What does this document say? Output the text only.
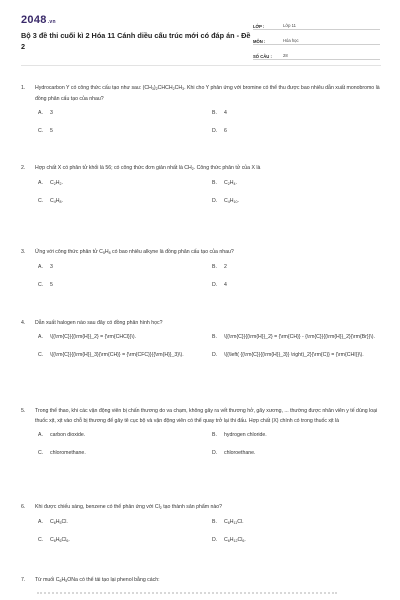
2048.vn
Bộ 3 đề thi cuối kì 2 Hóa 11 Cánh diều cấu trúc mới có đáp án - Đề 2
LỚP :	Lớp 11
MÔN :	Hóa học
SỐ CÂU :	28
1.	Hydrocarbon Y có công thức cấu tạo như sau: $(CH_3)_2CHCH_2CH_3$. Khi cho Y phản ứng với bromine có thể thu được bao nhiêu dẫn xuất monobromo là đồng phân cấu tạo của nhau?
A.	3	B.	4
C.	5	D.	6
2.	Hợp chất X có phân tử khối là 56; có công thức đơn giản nhất là $CH_2$. Công thức phân tử của X là
A.	$C_2H_2$.	B.	$C_2H_4$.
C.	$C_4H_8$.	D.	$C_4H_{10}$.
3.	Ứng với công thức phân tử $C_5H_8$ có bao nhiêu alkyne là đồng phân cấu tạo của nhau?
A.	3	B.	2
C.	5	D.	4
4.	Dẫn xuất halogen nào sau đây có đồng phân hình học?
A.	\({\rm{C}}{{\rm{H}}_2} = {\rm{CHCl}}\).	B.	\({\rm{C}}{{\rm{H}}_2} = {\rm{CH}} - {\rm{C}}{{\rm{H}}_2}{\rm{Br}}\).
C.	\({\rm{C}}{{\rm{H}}_3}{\rm{CH}} = {\rm{CFC}}{{\rm{H}}_3}\).	D.	\({\left( {{\rm{C}}{{\rm{H}}_3}} \right)_2}{\rm{C}} = {\rm{CHI}}\).
5.	Trong thể thao, khi các vận động viên bị chấn thương do va chạm, không gây ra vết thương hở, gãy xương, ... thường được nhân viên y tế dùng loại thuốc xịt, xịt vào chỗ bị thương để gây tê cục bộ và vận động viên có thể quay trở lại thi đấu. Hợp chất (X) chính có trong thuốc xịt là
A.	carbon dioxide.	B.	hydrogen chloride.
C.	chloromethane.	D.	chloroethane.
6.	Khi được chiếu sáng, benzene có thể phản ứng với $Cl_2$ tạo thành sản phẩm nào?
A.	$C_6H_5Cl$.	B.	$C_6H_{11}Cl$.
C.	$C_6H_6Cl_6$.	D.	$C_6H_{12}Cl_6$.
7.	Từ muối $C_6H_5ONa$ có thể tái tạo lại phenol bằng cách:
